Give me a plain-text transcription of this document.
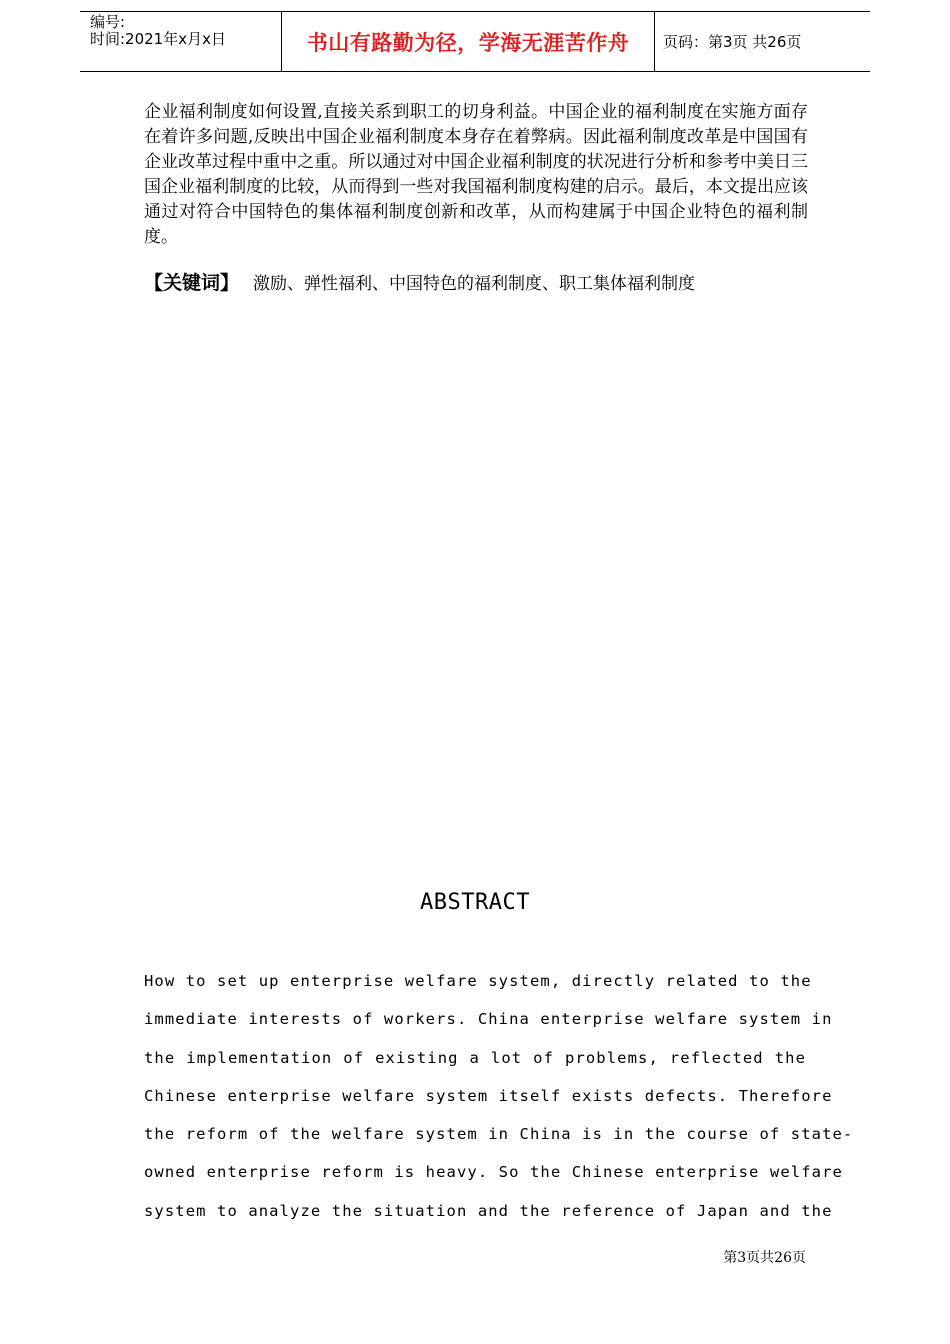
编号:
时间:2021年x月x日	书山有路勤为径，学海无涯苦作舟 页码：第3页 共26页
企业福利制度如何设置,直接关系到职工的切身利益。中国企业的福利制度在实施方面存在着许多问题,反映出中国企业福利制度本身存在着弊病。因此福利制度改革是中国国有企业改革过程中重中之重。所以通过对中国企业福利制度的状况进行分析和参考中美日三国企业福利制度的比较，从而得到一些对我国福利制度构建的启示。最后，本文提出应该通过对符合中国特色的集体福利制度创新和改革，从而构建属于中国企业特色的福利制度。
【关键词】 激励、弹性福利、中国特色的福利制度、职工集体福利制度
ABSTRACT
How to set up enterprise welfare system, directly related to the
immediate interests of workers. China enterprise welfare system in
the implementation of existing a lot of problems, reflected the
Chinese enterprise welfare system itself exists defects. Therefore
the reform of the welfare system in China is in the course of state-
owned enterprise reform is heavy. So the Chinese enterprise welfare
system to analyze the situation and the reference of Japan and the
第3页共26页
